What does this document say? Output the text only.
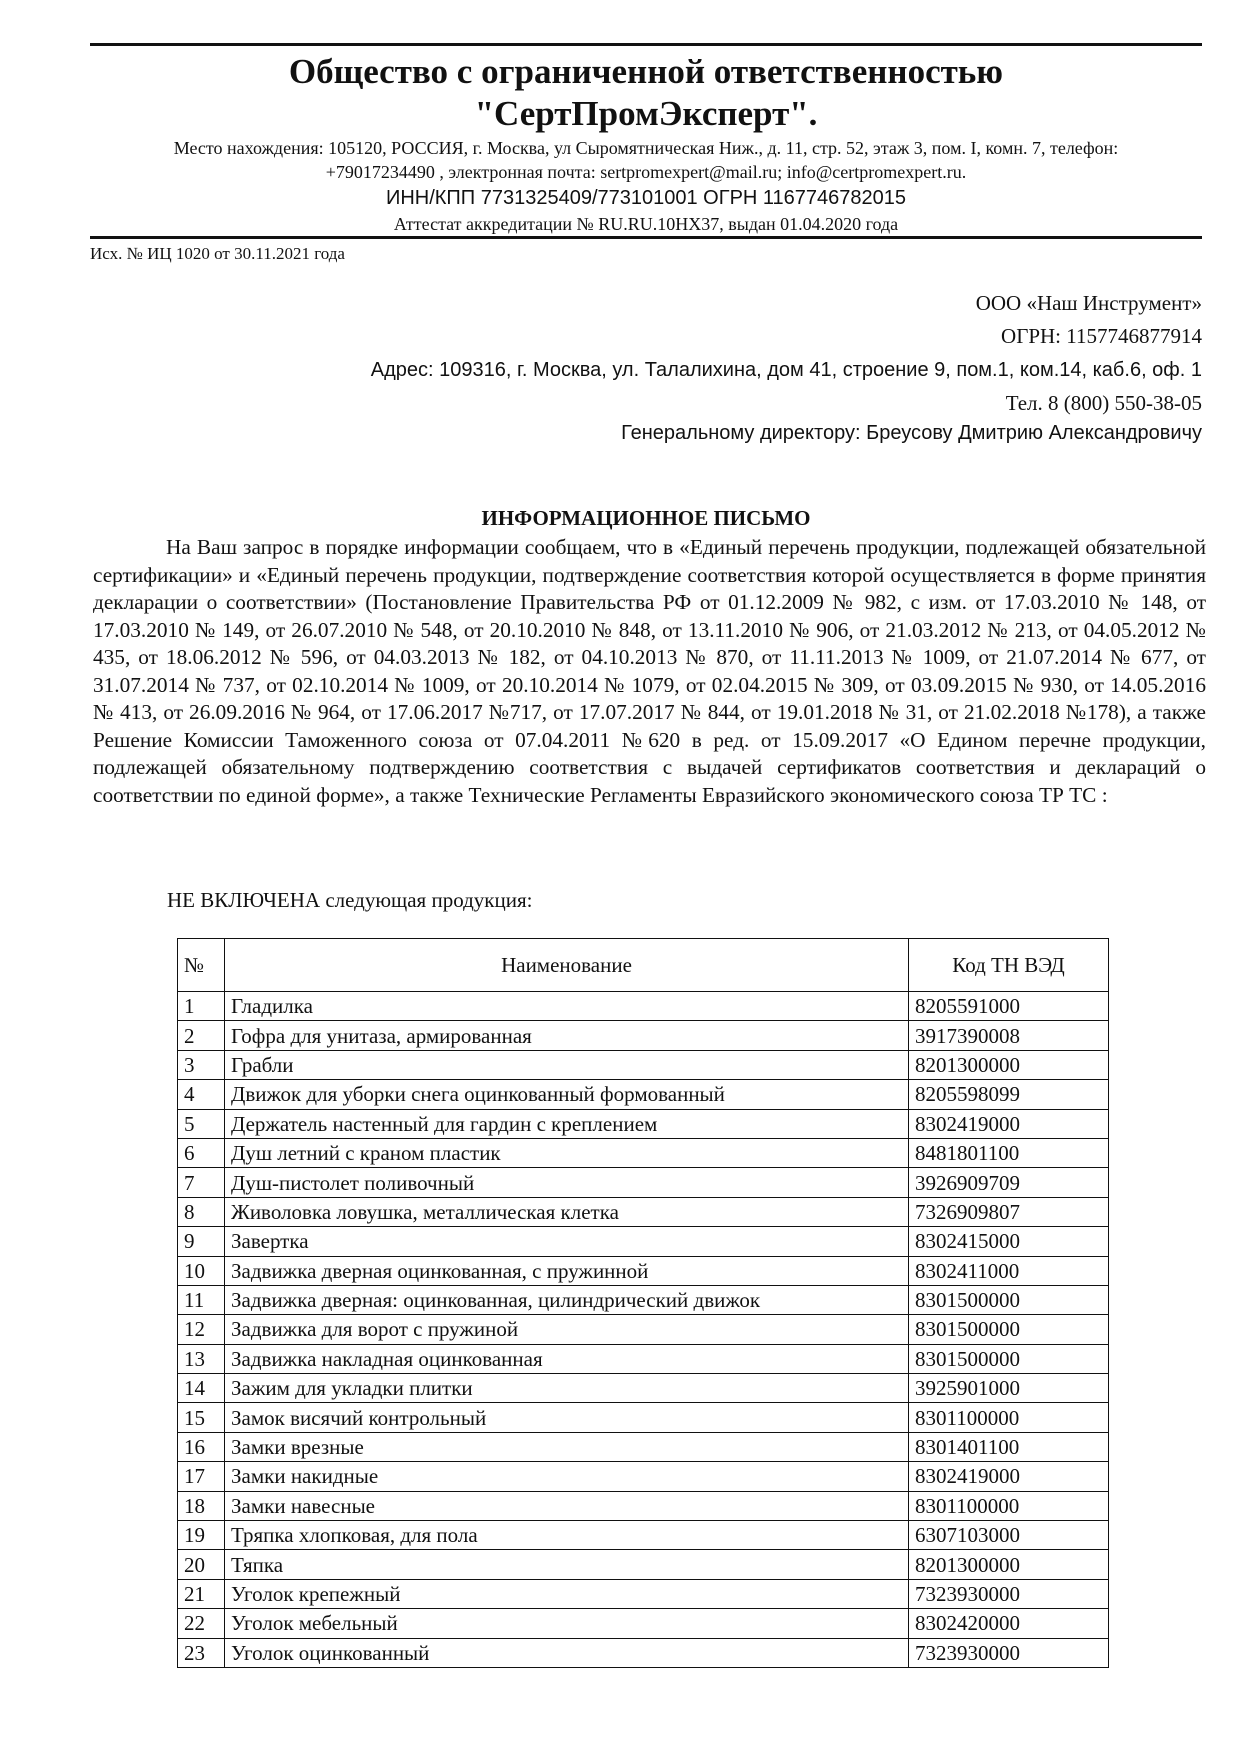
Общество с ограниченной ответственностью
"СертПромЭксперт".
Место нахождения: 105120, РОССИЯ, г. Москва, ул Сыромятническая Ниж., д. 11, стр. 52, этаж 3, пом. I, комн. 7, телефон:
+79017234490 , электронная почта: sertpromexpert@mail.ru; info@certpromexpert.ru.
ИНН/КПП 7731325409/773101001 ОГРН 1167746782015
Аттестат аккредитации № RU.RU.10HX37, выдан 01.04.2020 года
Исх. № ИЦ 1020 от 30.11.2021 года
ООО «Наш Инструмент»
ОГРН: 1157746877914
Адрес: 109316, г. Москва, ул. Талалихина, дом 41, строение 9, пом.1, ком.14, каб.6, оф. 1
Тел. 8 (800) 550-38-05
Генеральному директору: Бреусову Дмитрию Александровичу
ИНФОРМАЦИОННОЕ ПИСЬМО

На Ваш запрос в порядке информации сообщаем, что в «Единый перечень продукции, подлежащей обязательной сертификации» и «Единый перечень продукции, подтверждение соответствия которой осуществляется в форме принятия декларации о соответствии» (Постановление Правительства РФ от 01.12.2009 № 982, с изм. от 17.03.2010 № 148, от 17.03.2010 № 149, от 26.07.2010 № 548, от 20.10.2010 № 848, от 13.11.2010 № 906, от 21.03.2012 № 213, от 04.05.2012 № 435, от 18.06.2012 № 596, от 04.03.2013 № 182, от 04.10.2013 № 870, от 11.11.2013 № 1009, от 21.07.2014 № 677, от 31.07.2014 № 737, от 02.10.2014 № 1009, от 20.10.2014 № 1079, от 02.04.2015 № 309, от 03.09.2015 № 930, от 14.05.2016 № 413, от 26.09.2016 № 964, от 17.06.2017 №717, от 17.07.2017 № 844, от 19.01.2018 № 31, от 21.02.2018 №178), а также Решение Комиссии Таможенного союза от 07.04.2011 №620 в ред. от 15.09.2017 «О Едином перечне продукции, подлежащей обязательному подтверждению соответствия с выдачей сертификатов соответствия и деклараций о соответствии по единой форме», а также Технические Регламенты Евразийского экономического союза ТР ТС :

НЕ ВКЛЮЧЕНА следующая продукция:
№	Наименование	Код ТН ВЭД
1	Гладилка	8205591000
2	Гофра для унитаза, армированная	3917390008
3	Грабли	8201300000
4	Движок для уборки снега оцинкованный формованный	8205598099
5	Держатель настенный для гардин с креплением	8302419000
6	Душ летний с краном пластик	8481801100
7	Душ-пистолет поливочный	3926909709
8	Живоловка ловушка, металлическая клетка	7326909807
9	Завертка	8302415000
10	Задвижка дверная оцинкованная, с пружинной	8302411000
11	Задвижка дверная: оцинкованная, цилиндрический движок	8301500000
12	Задвижка для ворот с пружиной	8301500000
13	Задвижка накладная оцинкованная	8301500000
14	Зажим для укладки плитки	3925901000
15	Замок висячий контрольный	8301100000
16	Замки врезные	8301401100
17	Замки накидные	8302419000
18	Замки навесные	8301100000
19	Тряпка хлопковая, для пола	6307103000
20	Тяпка	8201300000
21	Уголок крепежный	7323930000
22	Уголок мебельный	8302420000
23	Уголок оцинкованный	7323930000
